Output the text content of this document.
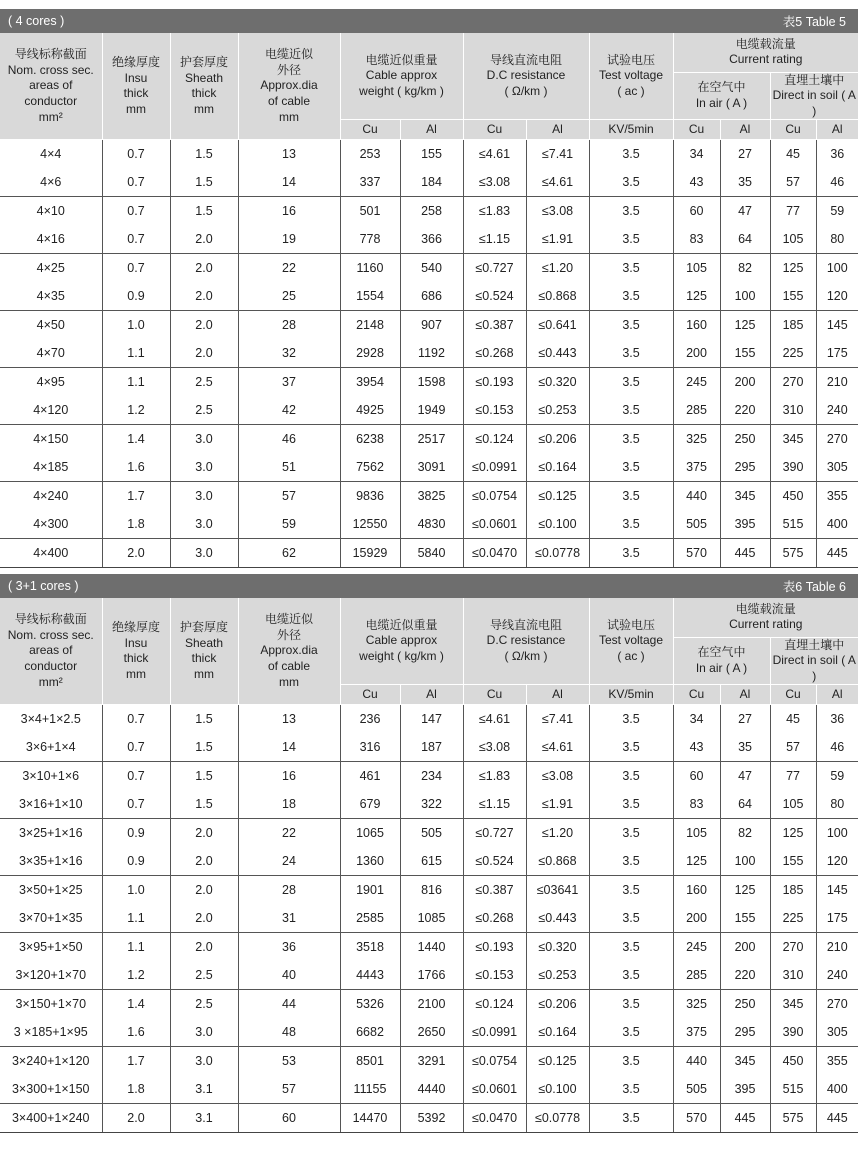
( 4 cores )	表5 Table 5
导线标称截面
Nom. cross sec.
areas of
conductor
mm²	绝缘厚度
Insu
thick
mm	护套厚度
Sheath
thick
mm	电缆近似
外径
Approx.dia
of cable
mm	电缆近似重量
Cable approx
weight ( kg/km )		导线直流电阻
D.C resistance
( Ω/km )		试验电压
Test voltage
( ac )	电缆载流量
Current rating			

									在空气中
In air ( A )		直埋土壤中
Direct in soil ( A )	

				Cu	Al	Cu	Al	KV/5min	Cu	Al	Cu	Al
4×4	0.7	1.5	13	253	155	≤4.61	≤7.41	3.5	34	27	45	36
4×6	0.7	1.5	14	337	184	≤3.08	≤4.61	3.5	43	35	57	46
4×10	0.7	1.5	16	501	258	≤1.83	≤3.08	3.5	60	47	77	59
4×16	0.7	2.0	19	778	366	≤1.15	≤1.91	3.5	83	64	105	80
4×25	0.7	2.0	22	1160	540	≤0.727	≤1.20	3.5	105	82	125	100
4×35	0.9	2.0	25	1554	686	≤0.524	≤0.868	3.5	125	100	155	120
4×50	1.0	2.0	28	2148	907	≤0.387	≤0.641	3.5	160	125	185	145
4×70	1.1	2.0	32	2928	1192	≤0.268	≤0.443	3.5	200	155	225	175
4×95	1.1	2.5	37	3954	1598	≤0.193	≤0.320	3.5	245	200	270	210
4×120	1.2	2.5	42	4925	1949	≤0.153	≤0.253	3.5	285	220	310	240
4×150	1.4	3.0	46	6238	2517	≤0.124	≤0.206	3.5	325	250	345	270
4×185	1.6	3.0	51	7562	3091	≤0.0991	≤0.164	3.5	375	295	390	305
4×240	1.7	3.0	57	9836	3825	≤0.0754	≤0.125	3.5	440	345	450	355
4×300	1.8	3.0	59	12550	4830	≤0.0601	≤0.100	3.5	505	395	515	400
4×400	2.0	3.0	62	15929	5840	≤0.0470	≤0.0778	3.5	570	445	575	445
( 3+1 cores )	表6 Table 6
导线标称截面
Nom. cross sec.
areas of
conductor
mm²	绝缘厚度
Insu
thick
mm	护套厚度
Sheath
thick
mm	电缆近似
外径
Approx.dia
of cable
mm	电缆近似重量
Cable approx
weight ( kg/km )		导线直流电阻
D.C resistance
( Ω/km )		试验电压
Test voltage
( ac )	电缆载流量
Current rating			

									在空气中
In air ( A )		直埋土壤中
Direct in soil ( A )	

				Cu	Al	Cu	Al	KV/5min	Cu	Al	Cu	Al
3×4+1×2.5	0.7	1.5	13	236	147	≤4.61	≤7.41	3.5	34	27	45	36
3×6+1×4	0.7	1.5	14	316	187	≤3.08	≤4.61	3.5	43	35	57	46
3×10+1×6	0.7	1.5	16	461	234	≤1.83	≤3.08	3.5	60	47	77	59
3×16+1×10	0.7	1.5	18	679	322	≤1.15	≤1.91	3.5	83	64	105	80
3×25+1×16	0.9	2.0	22	1065	505	≤0.727	≤1.20	3.5	105	82	125	100
3×35+1×16	0.9	2.0	24	1360	615	≤0.524	≤0.868	3.5	125	100	155	120
3×50+1×25	1.0	2.0	28	1901	816	≤0.387	≤03641	3.5	160	125	185	145
3×70+1×35	1.1	2.0	31	2585	1085	≤0.268	≤0.443	3.5	200	155	225	175
3×95+1×50	1.1	2.0	36	3518	1440	≤0.193	≤0.320	3.5	245	200	270	210
3×120+1×70	1.2	2.5	40	4443	1766	≤0.153	≤0.253	3.5	285	220	310	240
3×150+1×70	1.4	2.5	44	5326	2100	≤0.124	≤0.206	3.5	325	250	345	270
3 ×185+1×95	1.6	3.0	48	6682	2650	≤0.0991	≤0.164	3.5	375	295	390	305
3×240+1×120	1.7	3.0	53	8501	3291	≤0.0754	≤0.125	3.5	440	345	450	355
3×300+1×150	1.8	3.1	57	11155	4440	≤0.0601	≤0.100	3.5	505	395	515	400
3×400+1×240	2.0	3.1	60	14470	5392	≤0.0470	≤0.0778	3.5	570	445	575	445
